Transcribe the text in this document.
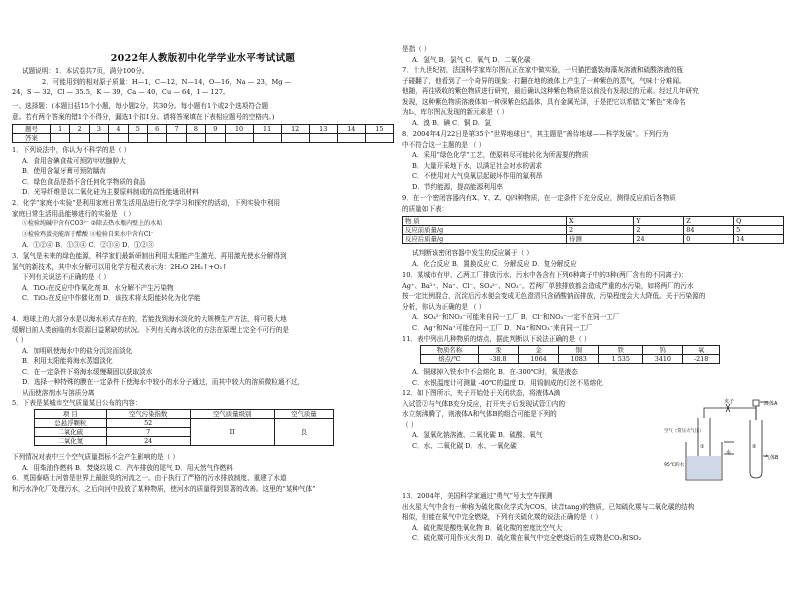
2022年人教版初中化学学业水平考试试题
试题说明：1．本试卷共7页，满分100分。
2．可能用到的相对原子质量：H—1，C—12，N—14，O—16，Na — 23，Mg —
24，S — 32，Cl — 35.5，K — 39，Ca — 40，Cu — 64，I — 127。
一、选择题：(本题目括15个小题，每小题2分，共30分。每小题有1个或2个选项符合题
意。若有两个答案的错1个不得分，漏选1个扣1分。请将答案填在下表相应题号的空格内。)
题号	1	2	3	4	5	6	7	8	9	10	11	12	13	14	15
答案															
1．下列说法中，你认为不科学的是（ ）
A．食用含碘食盐可预防甲状腺肿大
B．使用含氟牙膏可预防龋齿
C．绿色食品是指不含任何化学物质的食品
D．光导纤维是以二氧化硅为主要原料制成的高性能通讯材料
2．化学“家庭小实验”是利用家庭日常生活用品进行化学学习和探究的活动，下列实验中利用
家庭日常生活用品能够进行的实验是 （ ）
①检验纯碱中含有CO3²⁻ ②除去热水瓶内壁上的水垢
③检验鸡蛋壳能溶于醋酸 ④检验自来水中含有Cl⁻
A．①②④ B．①③④ C．②③④ D．①②③
3．氢气是未来的绿色能源，科学家们最新研制出利用太阳能产生激光，再用激光使水分解得到
氢气的新技术，其中水分解可以用化学方程式表示为：2H₂O 2H₂↑+O₂↑
下列有关说法不正确的是（ ）
A．TiO₂在反应中作氧化剂 B．水分解不产生污染物
C．TiO₂在反应中作催化剂 D．该技术将太阳能转化为化学能
4．地球上的大部分水是以海水形式存在的，若能找到海水淡化的大规模生产方法，将可极大地
缓解目前人类面临的水资源日益紧缺的状况。下列有关海水淡化的方法在原理上完全不可行的是
（ ）
A．加明矾使海水中的盐分沉淀而淡化
B．利用太阳能将海水蒸馏淡化
C．在一定条件下将海水缓慢凝固以获取淡水
D．选择一种特殊的膜在一定条件下使海水中较小的水分子通过，而其中较大的溶质微粒通不过，
从而使溶剂水与溶质分离
5．下表是某城市空气质量某日公布的内容：
项 目	空气污染指数	空气质量级别	空气质量
总悬浮颗粒	52	II	良
二氧化硫	7		
二氧化氮	24		
下列情况对表中三个空气质量指标不会产生影响的是（ ）
A．用柴油作燃料 B．焚烧垃圾 C．汽车排放的尾气 D．用天然气作燃料
6．英国泰晤士河曾是世界上最脏臭的河流之一。由于执行了严格的污水排放制度、重建了水道
和污水净化厂处理污水，之后向河中投放了某种物质，使河水的质量得到显著的改善。这里的“某种气体”
是指（ ）
A．氢气 B．氯气 C．氧气 D．二氧化碳
7．十九世纪初，法国科学家库尔图瓦正在家中做实验，一只猫把盛装海藻灰溶液和硫酸溶液的瓶
子碰翻了，他看到了一个奇异的现象：打翻在地的液体上产生了一种紫色的蒸气，气味十分难闻。
他随，再往吸收的紫色物质进行研究，最后确认这种紫色物质是以前没有发现过的元素。经过几年研究
发现，这种紫色物质溶液体如一种深紫色结晶体，具有金属光泽，于是把它以希腊文“紫色”来命名
为I₂，库尔图瓦发现的新元素是（ ）
A．溴 B．碘 C．铜 D．氯
8．2004年4月22日是第35个“世界地球日”，其主题是“善待地球——科学发展”。下列行为
中不符合这一主题的是 （ ）
A．采用“绿色化学”工艺，使原料尽可能转化为所需要的物质
B．大量开采地下水，以满足社会对水的需求
C．不使用对大气臭氧层起破坏作用的氟利昂
D．节约能源，提高能源利用率
9．在一个密闭容器内有X、Y、Z、Q四种物质，在一定条件下充分反应，测得反应前后各物质
的质量如下表：
物 质	X	Y	Z	Q
反应前质量/g	2	2	84	5
反应后质量/g	待测	24	0	14
试判断该密闭容器中发生的反应属于（ ）
A．化合反应 B．置换反应 C．分解反应 D．复分解反应
10．某城市有甲、乙两工厂排放污水，污水中各含有下列6种离子中的3种(两厂含有的不同离子)：
Ag⁺、Ba²⁺、Na⁺、Cl⁻、SO₄²⁻、NO₃⁻。若两厂单独排放都会造成严重的水污染，如将两厂的污水
按一定比例混合，沉淀后污水便会变成无色澄清只含硝酸钠而排放，污染程度会大大降低。关于污染源的
分析，你认为正确的是 （ ）
A．SO₄²⁻和NO₃⁻可能来自同一工厂 B．Cl⁻和NO₃⁻一定不在同一工厂
C．Ag⁺和Na⁺可能在同一工厂 D．Na⁺和NO₃⁻来自同一工厂
11．表中列出几种物质的熔点，据此判断以下说法正确的是（ ）
物质名称	汞	金	铜	铁	钨	氧
熔点/℃	-38.8	1064	1083	1 535	3410	-218
A．铜球掉入铁水中不会熔化 B．在-300℃时，氧是液态
C．水银温度计可测量 -40℃的温度 D．用钨制成的灯丝不易熔化
12．如下图所示，夹子开始处于关闭状态，将液体A滴
入试管②与气体B充分反应，打开夹子后发现试管①内的
水立刻沸腾了，则液体A和气体B的组合可能是下列的
（ ）
A．氢氧化钠溶液、二氧化碳 B．硫酸、氧气
C．水、二氧化碳 D．水、一氧化碳
夹子	液体A
空气（常压大气压）
水
气体B
95℃的水
①	②
13．2004年，美国科学家通过“勇气”号太空车探测
出火星大气中含有一种称为硫化羰(化学式为COS，读音tang)的物质，已知硫化羰与二氧化碳的结构
相似，但能在氧气中完全燃烧，下列有关硫化羰的说法正确的是（ ）
A．硫化羰是酸性氧化物 B．硫化羰的密度比空气大
C．硫化羰可用作灭火剂 D．硫化羰在氧气中完全燃烧后的生成物是CO₂和SO₂
